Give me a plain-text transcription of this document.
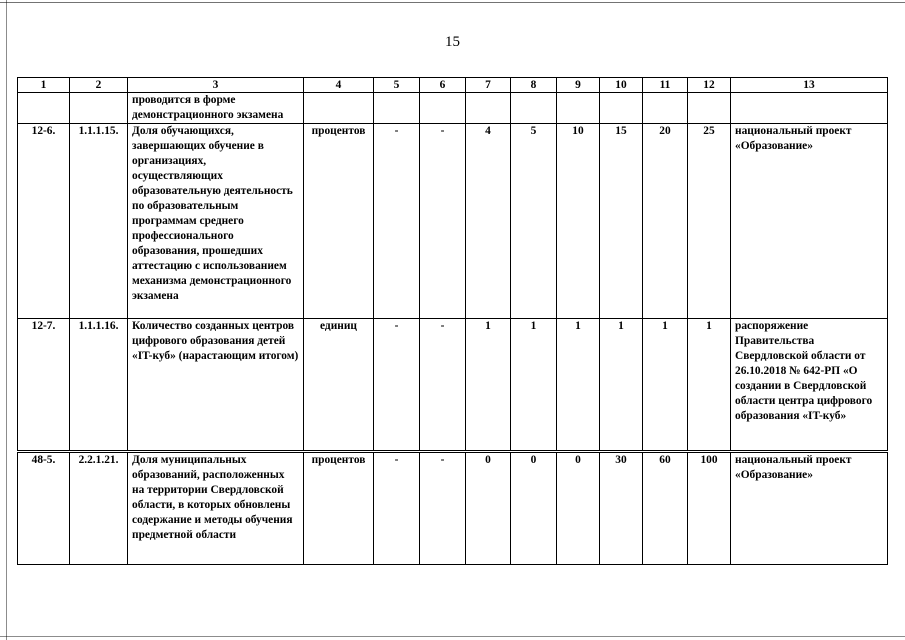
15
1	2	3	4	5	6	7	8	9	10	11	12	13
		проводится в форме демонстрационного экзамена										
12-6.	1.1.1.15.	Доля обучающихся, завершающих обучение в организациях, осуществляющих образовательную деятельность по образовательным программам среднего профессионального образования, прошедших аттестацию с использованием механизма демонстрационного экзамена	процентов	-	-	4	5	10	15	20	25	национальный проект «Образование»
12-7.	1.1.1.16.	Количество созданных центров цифрового образования детей «IT-куб» (нарастающим итогом)	единиц	-	-	1	1	1	1	1	1	распоряжение Правительства Свердловской области от 26.10.2018 № 642-РП «О создании в Свердловской области центра цифрового образования «IT-куб»
48-5.	2.2.1.21.	Доля муниципальных образований, расположенных на территории Свердловской области, в которых обновлены содержание и методы обучения предметной области	процентов	-	-	0	0	0	30	60	100	национальный проект «Образование»
